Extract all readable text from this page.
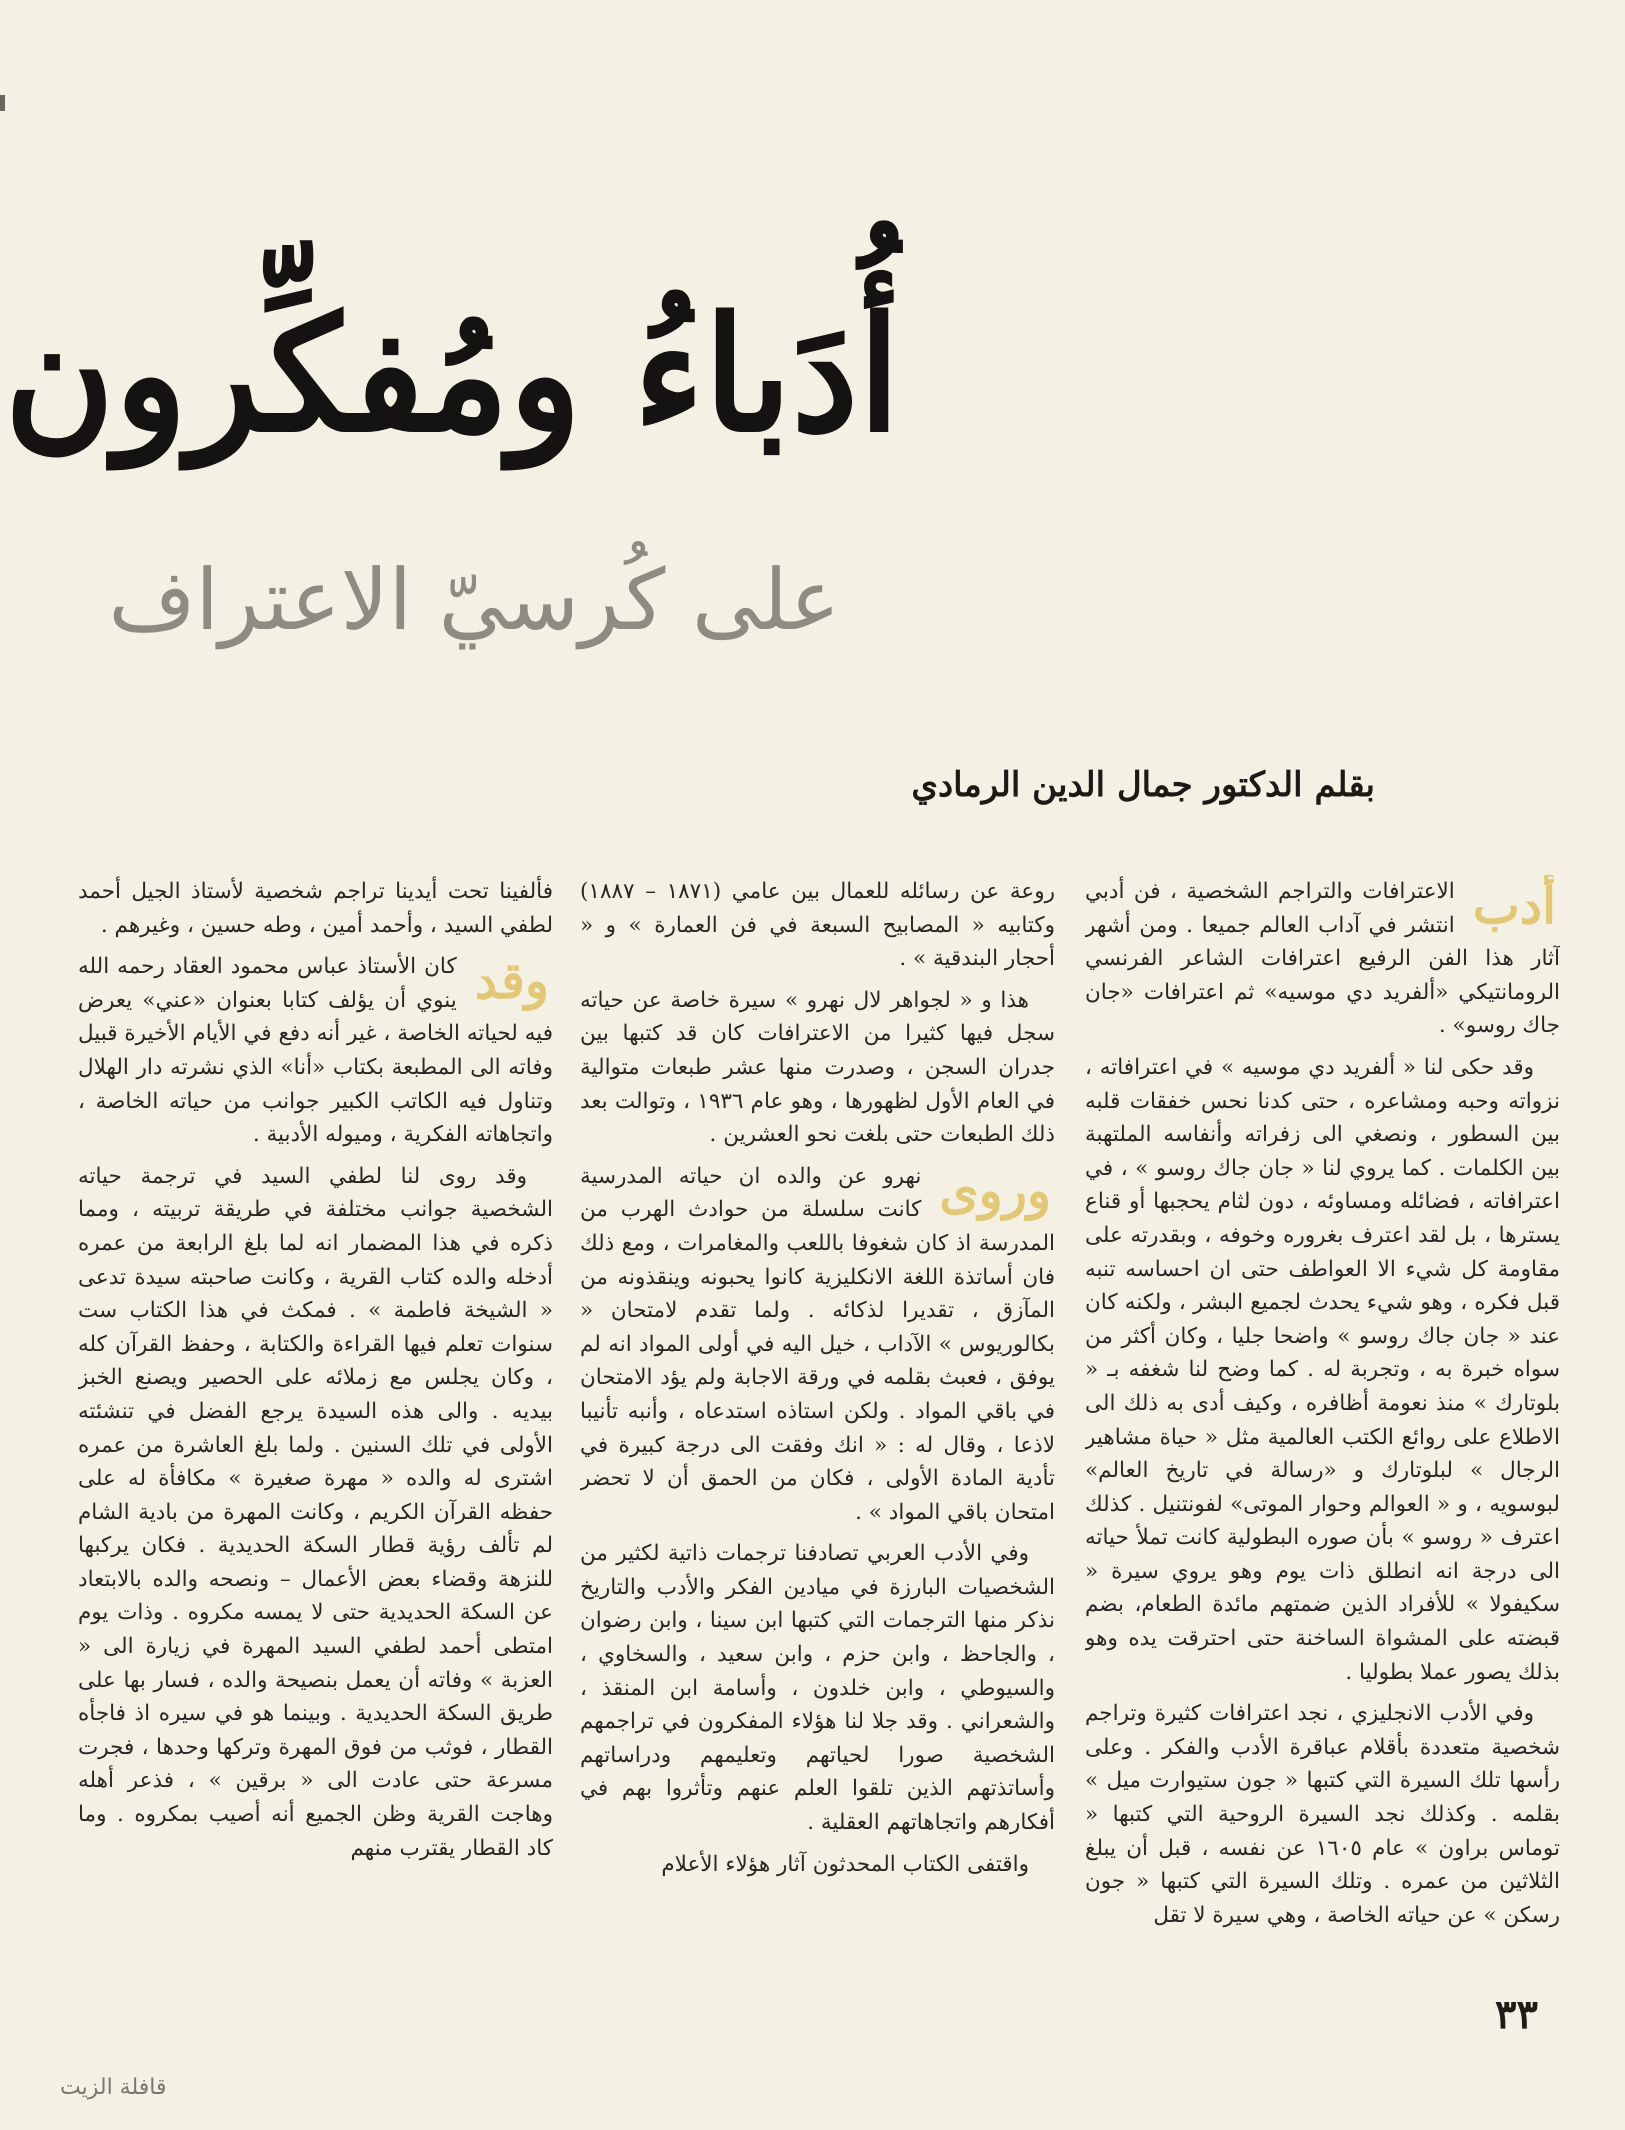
أُدَباءُ ومُفكِّرون
على كُرسيّ الاعتراف
بقلم الدكتور جمال الدين الرمادي
أدب

الاعترافات والتراجم الشخصية ، فن أدبي انتشر في آداب العالم جميعا . ومن أشهر آثار هذا الفن الرفيع اعترافات الشاعر الفرنسي الرومانتيكي «ألفريد دي موسيه» ثم اعترافات «جان جاك روسو» .

وقد حكى لنا « ألفريد دي موسيه » في اعترافاته ، نزواته وحبه ومشاعره ، حتى كدنا نحس خفقات قلبه بين السطور ، ونصغي الى زفراته وأنفاسه الملتهبة بين الكلمات . كما يروي لنا « جان جاك روسو » ، في اعترافاته ، فضائله ومساوئه ، دون لثام يحجبها أو قناع يسترها ، بل لقد اعترف بغروره وخوفه ، وبقدرته على مقاومة كل شيء الا العواطف حتى ان احساسه تنبه قبل فكره ، وهو شيء يحدث لجميع البشر ، ولكنه كان عند « جان جاك روسو » واضحا جليا ، وكان أكثر من سواه خبرة به ، وتجربة له . كما وضح لنا شغفه بـ « بلوتارك » منذ نعومة أظافره ، وكيف أدى به ذلك الى الاطلاع على روائع الكتب العالمية مثل « حياة مشاهير الرجال » لبلوتارك و «رسالة في تاريخ العالم» لبوسويه ، و « العوالم وحوار الموتى» لفونتنيل . كذلك اعترف « روسو » بأن صوره البطولية كانت تملأ حياته الى درجة انه انطلق ذات يوم وهو يروي سيرة « سكيفولا » للأفراد الذين ضمتهم مائدة الطعام، بضم قبضته على المشواة الساخنة حتى احترقت يده وهو بذلك يصور عملا بطوليا .

وفي الأدب الانجليزي ، نجد اعترافات كثيرة وتراجم شخصية متعددة بأقلام عباقرة الأدب والفكر . وعلى رأسها تلك السيرة التي كتبها « جون ستيوارت ميل » بقلمه . وكذلك نجد السيرة الروحية التي كتبها « توماس براون » عام ١٦٠٥ عن نفسه ، قبل أن يبلغ الثلاثين من عمره . وتلك السيرة التي كتبها « جون رسكن » عن حياته الخاصة ، وهي سيرة لا تقل

روعة عن رسائله للعمال بين عامي (١٨٧١ – ١٨٨٧) وكتابيه « المصابيح السبعة في فن العمارة » و « أحجار البندقية » .

هذا و « لجواهر لال نهرو » سيرة خاصة عن حياته سجل فيها كثيرا من الاعترافات كان قد كتبها بين جدران السجن ، وصدرت منها عشر طبعات متوالية في العام الأول لظهورها ، وهو عام ١٩٣٦ ، وتوالت بعد ذلك الطبعات حتى بلغت نحو العشرين .

وروى

نهرو عن والده ان حياته المدرسية كانت سلسلة من حوادث الهرب من المدرسة اذ كان شغوفا باللعب والمغامرات ، ومع ذلك فان أساتذة اللغة الانكليزية كانوا يحبونه وينقذونه من المآزق ، تقديرا لذكائه . ولما تقدم لامتحان « بكالوريوس » الآداب ، خيل اليه في أولى المواد انه لم يوفق ، فعبث بقلمه في ورقة الاجابة ولم يؤد الامتحان في باقي المواد . ولكن استاذه استدعاه ، وأنبه تأنيبا لاذعا ، وقال له : « انك وفقت الى درجة كبيرة في تأدية المادة الأولى ، فكان من الحمق أن لا تحضر امتحان باقي المواد » .

وفي الأدب العربي تصادفنا ترجمات ذاتية لكثير من الشخصيات البارزة في ميادين الفكر والأدب والتاريخ نذكر منها الترجمات التي كتبها ابن سينا ، وابن رضوان ، والجاحظ ، وابن حزم ، وابن سعيد ، والسخاوي ، والسيوطي ، وابن خلدون ، وأسامة ابن المنقذ ، والشعراني . وقد جلا لنا هؤلاء المفكرون في تراجمهم الشخصية صورا لحياتهم وتعليمهم ودراساتهم وأساتذتهم الذين تلقوا العلم عنهم وتأثروا بهم في أفكارهم واتجاهاتهم العقلية .

واقتفى الكتاب المحدثون آثار هؤلاء الأعلام

فألفينا تحت أيدينا تراجم شخصية لأستاذ الجيل أحمد لطفي السيد ، وأحمد أمين ، وطه حسين ، وغيرهم .

وقد

كان الأستاذ عباس محمود العقاد رحمه الله ينوي أن يؤلف كتابا بعنوان «عني» يعرض فيه لحياته الخاصة ، غير أنه دفع في الأيام الأخيرة قبيل وفاته الى المطبعة بكتاب «أنا» الذي نشرته دار الهلال وتناول فيه الكاتب الكبير جوانب من حياته الخاصة ، واتجاهاته الفكرية ، وميوله الأدبية .

وقد روى لنا لطفي السيد في ترجمة حياته الشخصية جوانب مختلفة في طريقة تربيته ، ومما ذكره في هذا المضمار انه لما بلغ الرابعة من عمره أدخله والده كتاب القرية ، وكانت صاحبته سيدة تدعى « الشيخة فاطمة » . فمكث في هذا الكتاب ست سنوات تعلم فيها القراءة والكتابة ، وحفظ القرآن كله ، وكان يجلس مع زملائه على الحصير ويصنع الخبز بيديه . والى هذه السيدة يرجع الفضل في تنشئته الأولى في تلك السنين . ولما بلغ العاشرة من عمره اشترى له والده « مهرة صغيرة » مكافأة له على حفظه القرآن الكريم ، وكانت المهرة من بادية الشام لم تألف رؤية قطار السكة الحديدية . فكان يركبها للنزهة وقضاء بعض الأعمال – ونصحه والده بالابتعاد عن السكة الحديدية حتى لا يمسه مكروه . وذات يوم امتطى أحمد لطفي السيد المهرة في زيارة الى « العزبة » وفاته أن يعمل بنصيحة والده ، فسار بها على طريق السكة الحديدية . وبينما هو في سيره اذ فاجأه القطار ، فوثب من فوق المهرة وتركها وحدها ، فجرت مسرعة حتى عادت الى « برقين » ، فذعر أهله وهاجت القرية وظن الجميع أنه أصيب بمكروه . وما كاد القطار يقترب منهم

٣٣
قافلة الزيت
